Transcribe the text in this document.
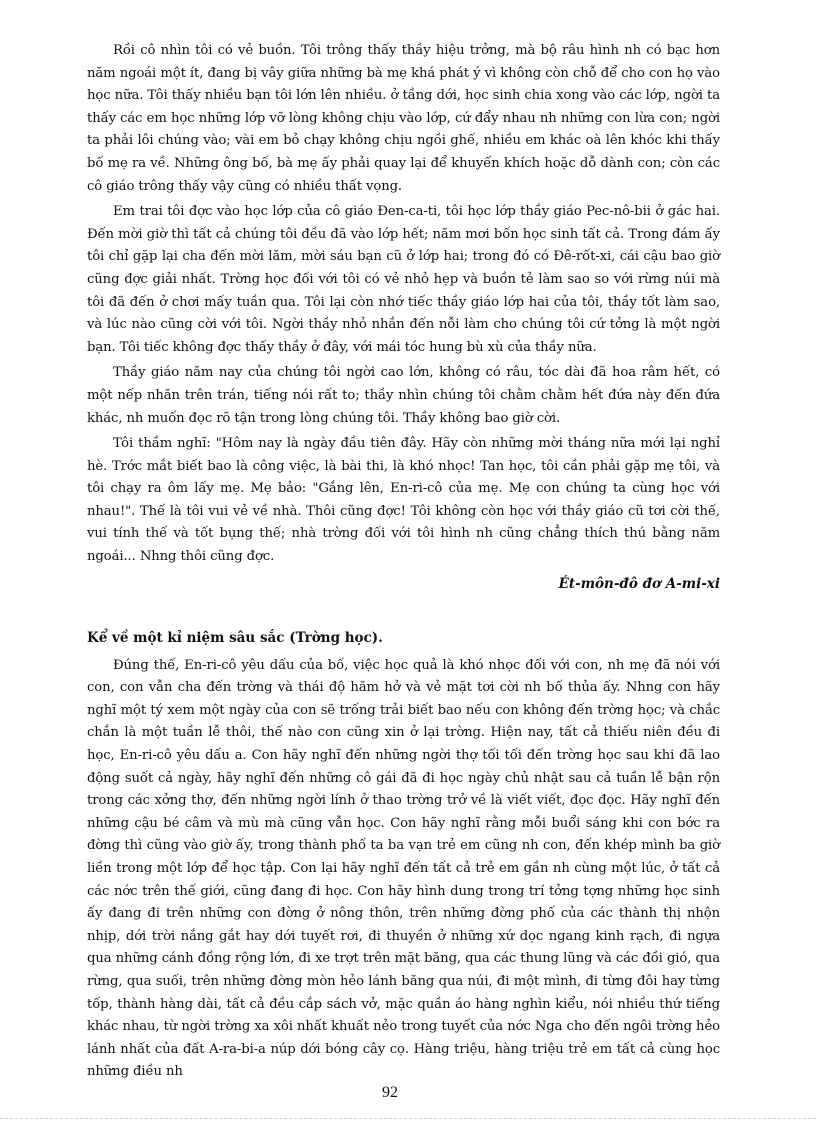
Rồi cô nhìn tôi có vẻ buồn. Tôi trông thấy thầy hiệu trởng, mà bộ râu hình nh có bạc hơn năm ngoái một ít, đang bị vây giữa những bà mẹ khá phát ý vì không còn chỗ để cho con họ vào học nữa. Tôi thấy nhiều bạn tôi lớn lên nhiều. ở tầng dới, học sinh chia xong vào các lớp, ngời ta thấy các em học những lớp vỡ lòng không chịu vào lớp, cứ đẩy nhau nh những con lừa con; ngời ta phải lôi chúng vào; vài em bỏ chạy không chịu ngồi ghế, nhiều em khác oà lên khóc khi thấy bố mẹ ra về. Những ông bố, bà mẹ ấy phải quay lại để khuyến khích hoặc dỗ dành con; còn các cô giáo trông thấy vậy cũng có nhiều thất vọng.

Em trai tôi đợc vào học lớp của cô giáo Đen-ca-ti, tôi học lớp thầy giáo Pec-nô-bii ở gác hai. Đến mời giờ thì tất cả chúng tôi đều đã vào lớp hết; năm mơi bốn học sinh tất cả. Trong đám ấy tôi chỉ gặp lại cha đến mời lăm, mời sáu bạn cũ ở lớp hai; trong đó có Đê-rốt-xi, cái cậu bao giờ cũng đợc giải nhất. Trờng học đối với tôi có vẻ nhỏ hẹp và buồn tẻ làm sao so với rừng núi mà tôi đã đến ở chơi mấy tuần qua. Tôi lại còn nhớ tiếc thầy giáo lớp hai của tôi, thầy tốt làm sao, và lúc nào cũng cời với tôi. Ngời thầy nhỏ nhắn đến nỗi làm cho chúng tôi cứ tởng là một ngời bạn. Tôi tiếc không đợc thấy thầy ở đây, với mái tóc hung bù xù của thầy nữa.

Thầy giáo năm nay của chúng tôi ngời cao lớn, không có râu, tóc dài đã hoa râm hết, có một nếp nhăn trên trán, tiếng nói rất to; thầy nhìn chúng tôi chằm chằm hết đứa này đến đứa khác, nh muốn đọc rõ tận trong lòng chúng tôi. Thầy không bao giờ cời.

Tôi thầm nghĩ: "Hôm nay là ngày đầu tiên đây. Hãy còn những mời tháng nữa mới lại nghỉ hè. Trớc mắt biết bao là công việc, là bài thi, là khó nhọc! Tan học, tôi cần phải gặp mẹ tôi, và tôi chạy ra ôm lấy mẹ. Mẹ bảo: "Gắng lên, En-ri-cô của mẹ. Mẹ con chúng ta cùng học với nhau!". Thế là tôi vui vẻ về nhà. Thôi cũng đợc! Tôi không còn học với thầy giáo cũ tơi cời thế, vui tính thế và tốt bụng thế; nhà trờng đối với tôi hình nh cũng chẳng thích thú bằng năm ngoái... Nhng thôi cũng đợc.

Ét-môn-đô đơ A-mi-xi
Kể về một kỉ niệm sâu sắc (Trờng học).

Đúng thế, En-ri-cô yêu dấu của bố, việc học quả là khó nhọc đối với con, nh mẹ đã nói với con, con vẫn cha đến trờng và thái độ hăm hở và vẻ mặt tơi cời nh bố thủa ấy. Nhng con hãy nghĩ một tý xem một ngày của con sẽ trống trải biết bao nếu con không đến trờng học; và chắc chắn là một tuần lễ thôi, thế nào con cũng xin ở lại trờng. Hiện nay, tất cả thiếu niên đều đi học, En-ri-cô yêu dấu a. Con hãy nghĩ đến những ngời thợ tối tối đến trờng học sau khi đã lao động suốt cả ngày, hãy nghĩ đến những cô gái đã đi học ngày chủ nhật sau cả tuần lễ bận rộn trong các xởng thợ, đến những ngời lính ở thao trờng trở về là viết viết, đọc đọc. Hãy nghĩ đến những cậu bé câm và mù mà cũng vẫn học. Con hãy nghĩ rằng mỗi buổi sáng khi con bớc ra đờng thì cũng vào giờ ấy, trong thành phố ta ba vạn trẻ em cũng nh con, đến khép mình ba giờ liền trong một lớp để học tập. Con lại hãy nghĩ đến tất cả trẻ em gần nh cùng một lúc, ở tất cả các nớc trên thế giới, cũng đang đi học. Con hãy hình dung trong trí tởng tợng những học sinh ấy đang đi trên những con đờng ở nông thôn, trên những đờng phố của các thành thị nhộn nhịp, dới trời nắng gắt hay dới tuyết rơi, đi thuyền ở những xứ dọc ngang kinh rạch, đi ngựa qua những cánh đồng rộng lớn, đi xe trợt trên mặt băng, qua các thung lũng và các đồi gió, qua rừng, qua suối, trên những đờng mòn hẻo lánh băng qua núi, đi một mình, đi từng đôi hay từng tốp, thành hàng dài, tất cả đều cắp sách vở, mặc quần áo hàng nghìn kiểu, nói nhiều thứ tiếng khác nhau, từ ngời trờng xa xôi nhất khuất nẻo trong tuyết của nớc Nga cho đến ngôi trờng hẻo lánh nhất của đất A-ra-bi-a núp dới bóng cây cọ. Hàng triệu, hàng triệu trẻ em tất cả cùng học những điều nh

92
